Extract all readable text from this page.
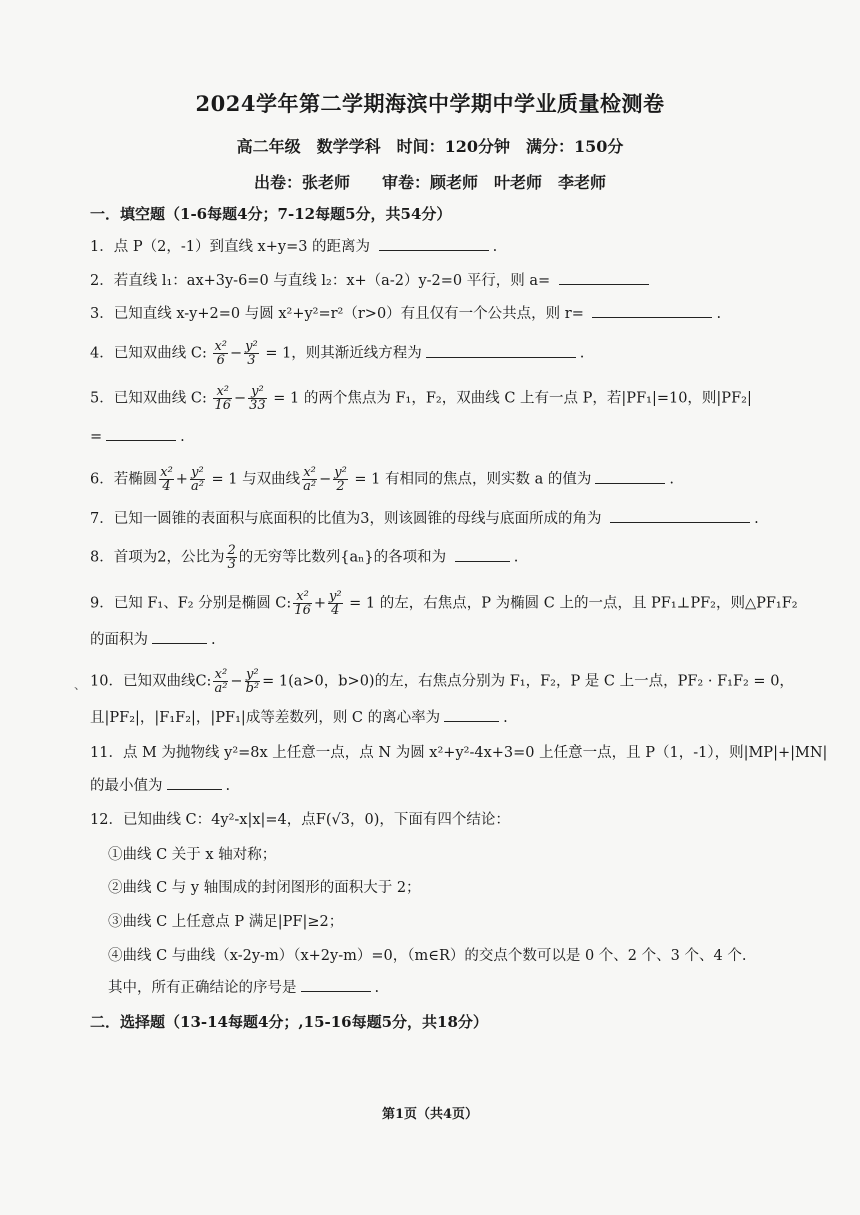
2024学年第二学期海滨中学期中学业质量检测卷
高二年级　数学学科　时间：120分钟　满分：150分
出卷：张老师　　审卷：顾老师　叶老师　李老师
一．填空题（1-6每题4分；7-12每题5分，共54分）
1．点 P（2，-1）到直线 x+y=3 的距离为	.
2．若直线 l₁：ax+3y-6=0 与直线 l₂：x+（a-2）y-2=0 平行，则 a=
3．已知直线 x-y+2=0 与圆 x²+y²=r²（r>0）有且仅有一个公共点，则 r=	.
4．已知双曲线 C: $\frac{\text{x²}}{6} - \frac{\text{y²}}{3} = 1$，则其渐近线方程为	.
5．已知双曲线 C: $\frac{\text{x²}}{16} - \frac{\text{y²}}{33} = 1$ 的两个焦点为 F₁，F₂，双曲线 C 上有一点 P，若|PF₁|=10，则|PF₂|
=	.
6．若椭圆 $\frac{\text{x²}}{4} + \frac{\text{y²}}{\text{a²}} = 1$ 与双曲线 $\frac{\text{x²}}{\text{a²}} - \frac{\text{y²}}{2} = 1$ 有相同的焦点，则实数 a 的值为	.
7．已知一圆锥的表面积与底面积的比值为3，则该圆锥的母线与底面所成的角为	.
8．首项为2，公比为 $\frac{2}{3}$ 的无穷等比数列{aₙ}的各项和为	.
9．已知 F₁、F₂ 分别是椭圆 C: $\frac{\text{x²}}{16} + \frac{\text{y²}}{4} = 1$ 的左，右焦点，P 为椭圆 C 上的一点，且 PF₁⊥PF₂，则△PF₁F₂
的面积为	.
、 10．已知双曲线C: $\frac{\text{x²}}{\text{a²}} - \frac{\text{y²}}{\text{b²}} = 1(a>0$，b>0)的左，右焦点分别为 F₁，F₂，P 是 C 上一点，PF₂ · F₁F₂ = 0，
且|PF₂|，|F₁F₂|，|PF₁|成等差数列，则 C 的离心率为	.
11．点 M 为抛物线 y²=8x 上任意一点，点 N 为圆 x²+y²-4x+3=0 上任意一点，且 P（1，-1），则|MP|+|MN|
的最小值为	.
12．已知曲线 C：4y²-x|x|=4，点F(√3，0)，下面有四个结论：
①曲线 C 关于 x 轴对称；
②曲线 C 与 y 轴围成的封闭图形的面积大于 2；
③曲线 C 上任意点 P 满足|PF|≥2；
④曲线 C 与曲线（x-2y-m）（x+2y-m）=0，（m∈R）的交点个数可以是 0 个、2 个、3 个、4 个.
其中，所有正确结论的序号是	.
二．选择题（13-14每题4分；,15-16每题5分，共18分）
第1页（共4页）
